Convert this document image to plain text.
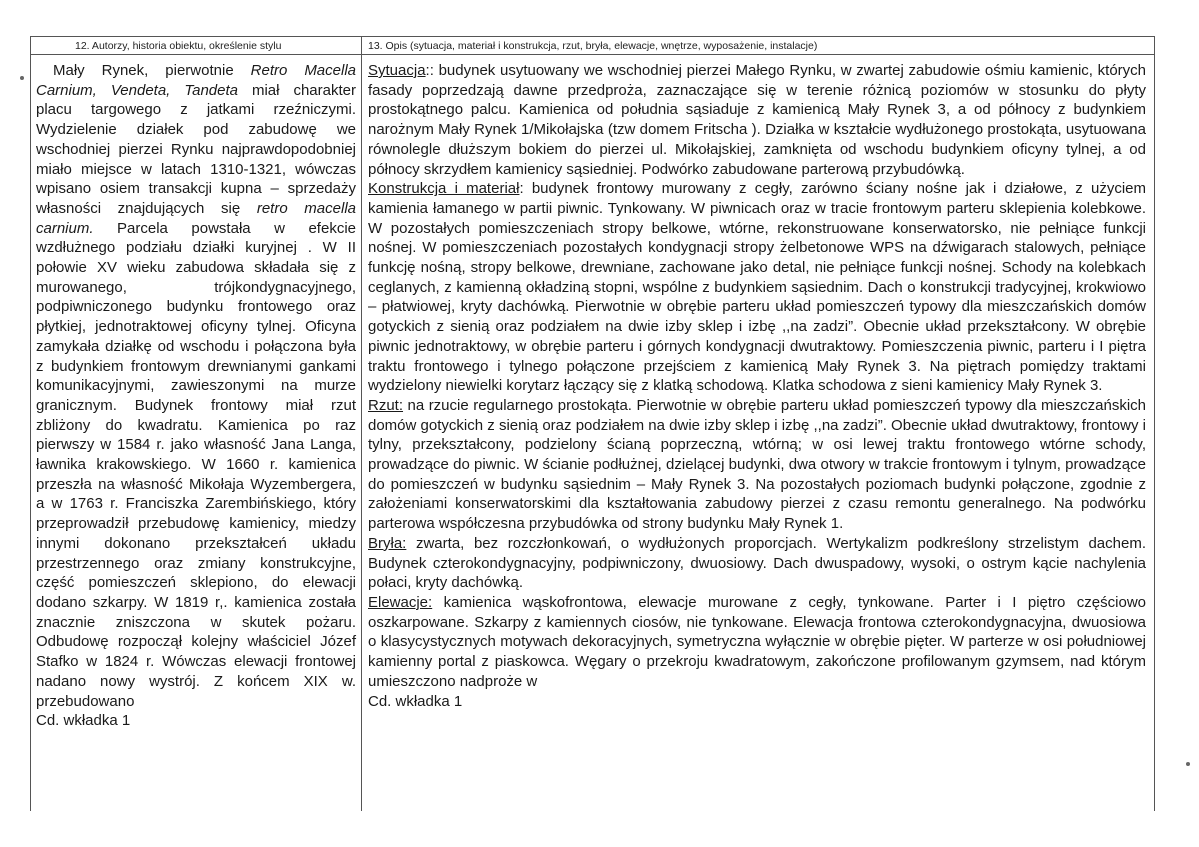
12. Autorzy, historia obiektu, określenie stylu	13. Opis (sytuacja, materiał i konstrukcja, rzut, bryła, elewacje, wnętrze, wyposażenie, instalacje)

Mały Rynek, pierwotnie Retro Macella Carnium, Vendeta, Tandeta miał charakter placu targowego z jatkami rzeźniczymi. Wydzielenie działek pod zabudowę we wschodniej pierzei Rynku najprawdopodobniej miało miejsce w latach 1310-1321, wówczas wpisano osiem transakcji kupna – sprzedaży własności znajdujących się retro macella carnium. Parcela powstała w efekcie wzdłużnego podziału działki kuryjnej . W II połowie XV wieku zabudowa składała się z murowanego, trójkondygnacyjnego, podpiwniczonego budynku frontowego oraz płytkiej, jednotraktowej oficyny tylnej. Oficyna zamykała działkę od wschodu i połączona była z budynkiem frontowym drewnianymi gankami komunikacyjnymi, zawieszonymi na murze granicznym. Budynek frontowy miał rzut zbliżony do kwadratu. Kamienica po raz pierwszy w 1584 r. jako własność Jana Langa, ławnika krakowskiego. W 1660 r. kamienica przeszła na własność Mikołaja Wyzembergera, a w 1763 r. Franciszka Zarembińskiego, który przeprowadził przebudowę kamienicy, miedzy innymi dokonano przekształceń układu przestrzennego oraz zmiany konstrukcyjne, część pomieszczeń sklepiono, do elewacji dodano szkarpy. W 1819 r,. kamienica została znacznie zniszczona w skutek pożaru. Odbudowę rozpoczął kolejny właściciel Józef Stafko w 1824 r. Wówczas elewacji frontowej nadano nowy wystrój. Z końcem XIX w. przebudowano

Cd. wkładka 1

Sytuacja:: budynek usytuowany we wschodniej pierzei Małego Rynku, w zwartej zabudowie ośmiu kamienic, których fasady poprzedzają dawne przedproża, zaznaczające się w terenie różnicą poziomów w stosunku do płyty prostokątnego palcu. Kamienica od południa sąsiaduje z kamienicą Mały Rynek 3, a od północy z budynkiem narożnym Mały Rynek 1/Mikołajska (tzw domem Fritscha ). Działka w kształcie wydłużonego prostokąta, usytuowana równolegle dłuższym bokiem do pierzei ul. Mikołajskiej, zamknięta od wschodu budynkiem oficyny tylnej, a od północy skrzydłem kamienicy sąsiedniej. Podwórko zabudowane parterową przybudówką.

Konstrukcja i materiał: budynek frontowy murowany z cegły, zarówno ściany nośne jak i działowe, z użyciem kamienia łamanego w partii piwnic. Tynkowany. W piwnicach oraz w tracie frontowym parteru sklepienia kolebkowe. W pozostałych pomieszczeniach stropy belkowe, wtórne, rekonstruowane konserwatorsko, nie pełniące funkcji nośnej. W pomieszczeniach pozostałych kondygnacji stropy żelbetonowe WPS na dźwigarach stalowych, pełniące funkcję nośną, stropy belkowe, drewniane, zachowane jako detal, nie pełniące funkcji nośnej. Schody na kolebkach ceglanych, z kamienną okładziną stopni, wspólne z budynkiem sąsiednim. Dach o konstrukcji tradycyjnej, krokwiowo – płatwiowej, kryty dachówką. Pierwotnie w obrębie parteru układ pomieszczeń typowy dla mieszczańskich domów gotyckich z sienią oraz podziałem na dwie izby sklep i izbę ,,na zadzi”. Obecnie układ przekształcony. W obrębie piwnic jednotraktowy, w obrębie parteru i górnych kondygnacji dwutraktowy. Pomieszczenia piwnic, parteru i I piętra traktu frontowego i tylnego połączone przejściem z kamienicą Mały Rynek 3. Na piętrach pomiędzy traktami wydzielony niewielki korytarz łączący się z klatką schodową. Klatka schodowa z sieni kamienicy Mały Rynek 3.

Rzut: na rzucie regularnego prostokąta. Pierwotnie w obrębie parteru układ pomieszczeń typowy dla mieszczańskich domów gotyckich z sienią oraz podziałem na dwie izby sklep i izbę ,,na zadzi”. Obecnie układ dwutraktowy, frontowy i tylny, przekształcony, podzielony ścianą poprzeczną, wtórną; w osi lewej traktu frontowego wtórne schody, prowadzące do piwnic. W ścianie podłużnej, dzielącej budynki, dwa otwory w trakcie frontowym i tylnym, prowadzące do pomieszczeń w budynku sąsiednim – Mały Rynek 3. Na pozostałych poziomach budynki połączone, zgodnie z założeniami konserwatorskimi dla kształtowania zabudowy pierzei z czasu remontu generalnego. Na podwórku parterowa współczesna przybudówka od strony budynku Mały Rynek 1.

Bryła: zwarta, bez rozczłonkowań, o wydłużonych proporcjach. Wertykalizm podkreślony strzelistym dachem. Budynek czterokondygnacyjny, podpiwniczony, dwuosiowy. Dach dwuspadowy, wysoki, o ostrym kącie nachylenia połaci, kryty dachówką.

Elewacje: kamienica wąskofrontowa, elewacje murowane z cegły, tynkowane. Parter i I piętro częściowo oszkarpowane. Szkarpy z kamiennych ciosów, nie tynkowane. Elewacja frontowa czterokondygnacyjna, dwuosiowa o klasycystycznych motywach dekoracyjnych, symetryczna wyłącznie w obrębie pięter. W parterze w osi południowej kamienny portal z piaskowca. Węgary o przekroju kwadratowym, zakończone profilowanym gzymsem, nad którym umieszczono nadproże w

Cd. wkładka 1
